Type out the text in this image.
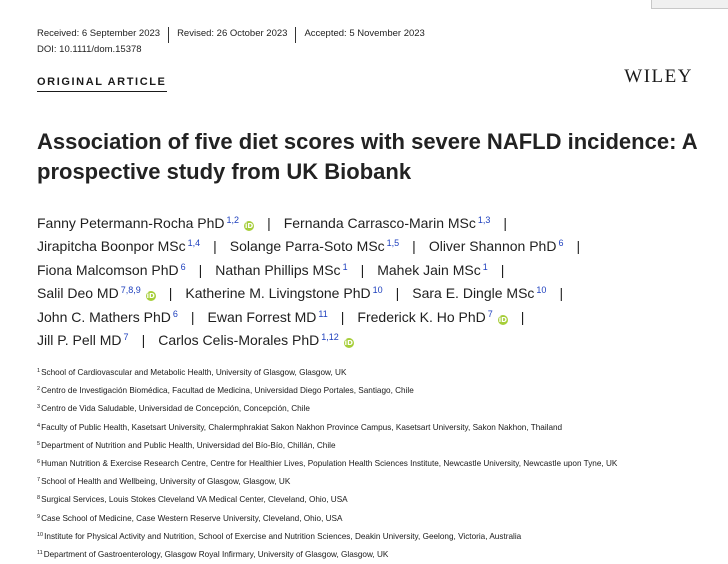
Received: 6 September 2023 Revised: 26 October 2023 Accepted: 5 November 2023
DOI: 10.1111/dom.15378
ORIGINAL ARTICLE	WILEY
Association of five diet scores with severe NAFLD incidence: A prospective study from UK Biobank
Fanny Petermann-Rocha PhD $^{1,2}$iD | Fernanda Carrasco-Marin MSc $^{1,3}$ |
Jirapitcha Boonpor MSc $^{1,4}$ | Solange Parra-Soto MSc $^{1,5}$ | Oliver Shannon PhD $^6$ |
Fiona Malcomson PhD $^6$ | Nathan Phillips MSc $^1$ | Mahek Jain MSc $^1$ |
Salil Deo MD $^{7,8,9}$iD | Katherine M. Livingstone PhD $^{10}$ | Sara E. Dingle MSc $^{10}$ |
John C. Mathers PhD $^6$ | Ewan Forrest MD $^{11}$ | Frederick K. Ho PhD $^7$iD |
Jill P. Pell MD $^7$ | Carlos Celis-Morales PhD $^{1,12}$iD
$^1$School of Cardiovascular and Metabolic Health, University of Glasgow, Glasgow, UK
$^2$Centro de Investigación Biomédica, Facultad de Medicina, Universidad Diego Portales, Santiago, Chile
$^3$Centro de Vida Saludable, Universidad de Concepción, Concepción, Chile
$^4$Faculty of Public Health, Kasetsart University, Chalermphrakiat Sakon Nakhon Province Campus, Kasetsart University, Sakon Nakhon, Thailand
$^5$Department of Nutrition and Public Health, Universidad del Bío-Bío, Chillán, Chile
$^6$Human Nutrition & Exercise Research Centre, Centre for Healthier Lives, Population Health Sciences Institute, Newcastle University, Newcastle upon Tyne, UK
$^7$School of Health and Wellbeing, University of Glasgow, Glasgow, UK
$^8$Surgical Services, Louis Stokes Cleveland VA Medical Center, Cleveland, Ohio, USA
$^9$Case School of Medicine, Case Western Reserve University, Cleveland, Ohio, USA
$^{10}$Institute for Physical Activity and Nutrition, School of Exercise and Nutrition Sciences, Deakin University, Geelong, Victoria, Australia
$^{11}$Department of Gastroenterology, Glasgow Royal Infirmary, University of Glasgow, Glasgow, UK
